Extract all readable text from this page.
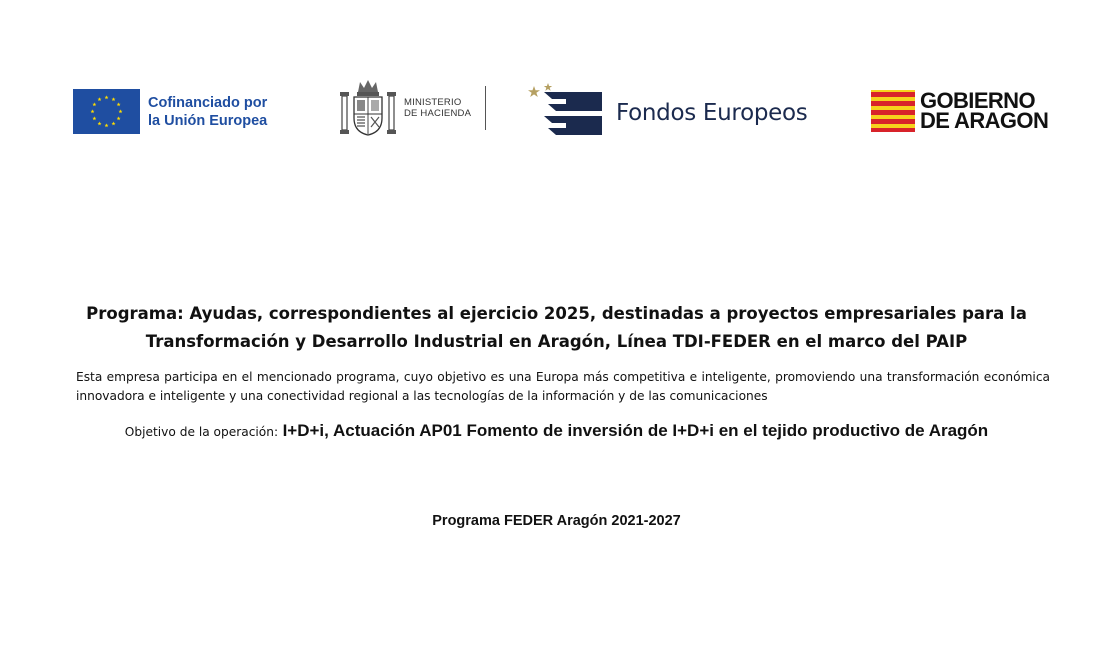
Cofinanciado por
la Unión Europea
MINISTERIO
DE HACIENDA	Fondos Europeos	GOBIERNO
DE ARAGON
Programa: Ayudas, correspondientes al ejercicio 2025, destinadas a proyectos empresariales para la
Transformación y Desarrollo Industrial en Aragón, Línea TDI-FEDER en el marco del PAIP

Esta empresa participa en el mencionado programa, cuyo objetivo es una Europa más competitiva e inteligente, promoviendo una transformación económica innovadora e inteligente y una conectividad regional a las tecnologías de la información y de las comunicaciones

Objetivo de la operación: I+D+i, Actuación AP01 Fomento de inversión de I+D+i en el tejido productivo de Aragón

Programa FEDER Aragón 2021-2027
